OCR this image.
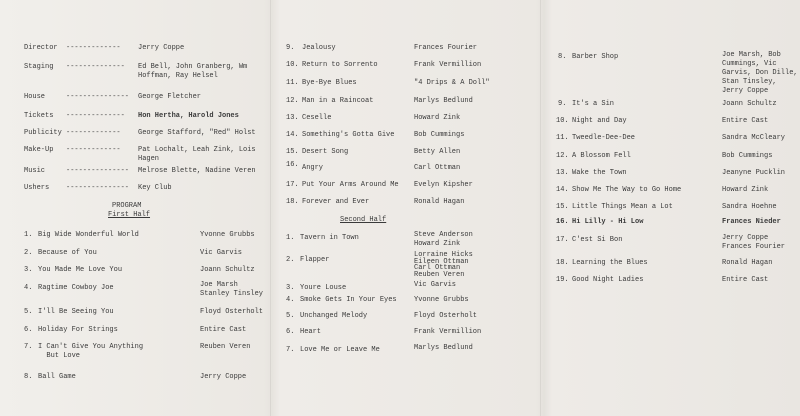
Director ------------- Jerry Coppe
Staging -------------- Ed Bell, John Granberg, Wm
Hoffman, Ray Helsel
House	--------------- George Fletcher
Tickets -------------- Hon Hertha, Harold Jones
Publicity ------------- George Stafford, "Red" Holst
Make-Up ------------- Pat Lochalt, Leah Zink, Lois
Hagen
Music	--------------- Melrose Blette, Nadine Veren
Ushers --------------- Key Club
PROGRAM
First Half
1. Big Wide Wonderful World	Yvonne Grubbs
2. Because of You	Vic Garvis
3. You Made Me Love You	Joann Schultz
4. Ragtime Cowboy Joe	Joe Marsh
Stanley Tinsley
5. I'll Be Seeing You	Floyd Osterholt
6. Holiday For Strings	Entire Cast
7. I Can't Give You Anything
But Love
Reuben Veren
8. Ball Game	Jerry Coppe
9. Jealousy	Frances Fourier
10. Return to Sorrento	Frank Vermillion
11. Bye-Bye Blues	"4 Drips & A Doll"
12. Man in a Raincoat	Marlys Bedlund
13. Ceselle	Howard Zink
14. Something's Gotta Give	Bob Cummings
15. Desert Song	Betty Allen
16. Angry	Carl Ottman
17. Put Your Arms Around Me Evelyn Kipsher
18. Forever and Ever	Ronald Hagan
Second Half
1. Tavern in Town	Steve Anderson
Howard Zink
2. Flapper
Lorraine Hicks
Eileen Ottman
Carl Ottman
Reuben Veren
3. Youre Louse	Vic Garvis
4. Smoke Gets In Your Eyes Yvonne Grubbs
5. Unchanged Melody	Floyd Osterholt
6. Heart	Frank Vermillion
7. Love Me or Leave Me	Marlys Bedlund
8. Barber Shop	Joe Marsh, Bob
Cummings, Vic
Garvis, Don Dille,
Stan Tinsley,
Jerry Coppe
9. It's a Sin	Joann Schultz
10. Night and Day	Entire Cast
11. Tweedle-Dee-Dee	Sandra McCleary
12. A Blossom Fell	Bob Cummings
13. Wake the Town	Jeanyne Pucklin
14. Show Me The Way to Go Home	Howard Zink
15. Little Things Mean a Lot	Sandra Hoehne
16. Hi Lilly - Hi Low	Frances Nieder
17. C'est Si Bon	Jerry Coppe
Frances Fourier
18. Learning the Blues	Ronald Hagan
19. Good Night Ladies	Entire Cast
